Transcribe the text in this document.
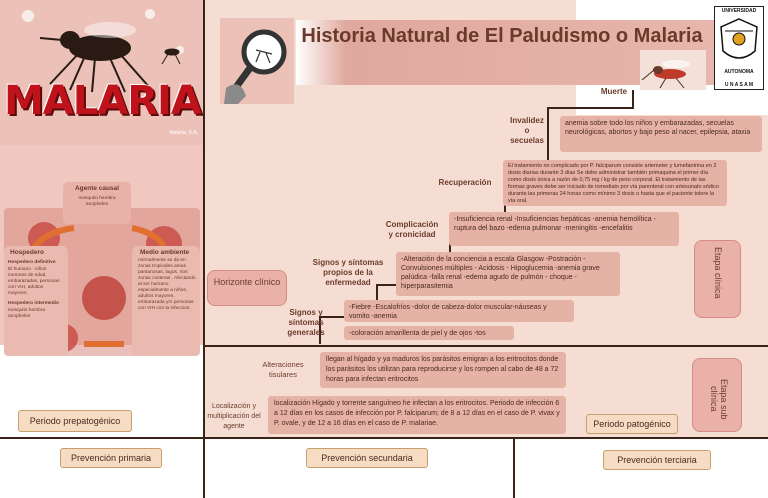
MALARIA
Malaria, S.A.
Historia Natural de El Paludismo o Malaria
UNIVERSIDAD
AUTONOMA
U N A S A M
Muerte
Invalidez o secuelas
Recuperación
Complicación y cronicidad
Signos y síntomas propios de la enfermedad
Signos y síntomas generales
anemia sobre todo los niños y embarazadas, secuelas neurológicas, abortos y bajo peso al nacer, epilepsia, ataxia
El tratamiento no complicado por P. falciparum consiste artemeter y lumefantrina en 2 dosis diarias durante 3 días Se debe administrar también primaquina el primer día como dosis única a razón de 0,75 mg / kg de peso corporal. El tratamiento de las formas graves debe ser iniciado de inmediato por vía parenteral con artesunato sódico durante las primeras 24 horas como mínimo 3 dosis o hasta que el paciente tolere la vía oral.
-Insuficiencia renal -Insuficiencias hepáticas -anemia hemolítica -ruptura del bazo -edema pulmonar -meningitis -encefalitis
-Alteración de la conciencia a escala Glasgow -Postración -Convulsiones múltiples - Acidosis - Hipoglucemia -anemia grave palúdica -falla renal -edema agudo de pulmón - choque - hiperparasitemia
-Fiebre -Escalofríos -dolor de cabeza-dolor muscular-náuseas y vomito -anemia
-coloración amarillenta de piel y de ojos -tos
Horizonte clínico	Etapa clínica
Alteraciones tisulares
llegan al hígado y ya maduros los parásitos emigran a los eritrocitos donde los parásitos los utilizan para reproducirse y los rompen al cabo de 48 a 72 horas para infectan eritrocitos
Localización y multiplicación del agente
localización Hígado y torrente sanguíneo he infectan a los eritrocitos. Periodo de infección 6 a 12 días en los casos de infección por P. falciparum; de 8 a 12 días en el caso de P. vivax y P. ovale, y de 12 a 16 días en el caso de P. malariae.
Etapa sub clínica
Agente causal
mosquito hembra anopheles
Hospedero
Hospedero definitivo
El humano : niños menores de edad, embarazadas, personas con VIH, adultos mayores.
Hospedero intermedio
mosquito hembra anopheles
Medio ambiente
normalmente se da en zonas tropicales areas pantanosas, lagos, ríos zonas costeras . Afectando al ser humano especialmente a niños, adultos mayores, embarazada y/o personas con VIH con la infeccion.
Periodo prepatogénico	Periodo patogénico
Prevención primaria	Prevención secundaria	Prevención terciaria
